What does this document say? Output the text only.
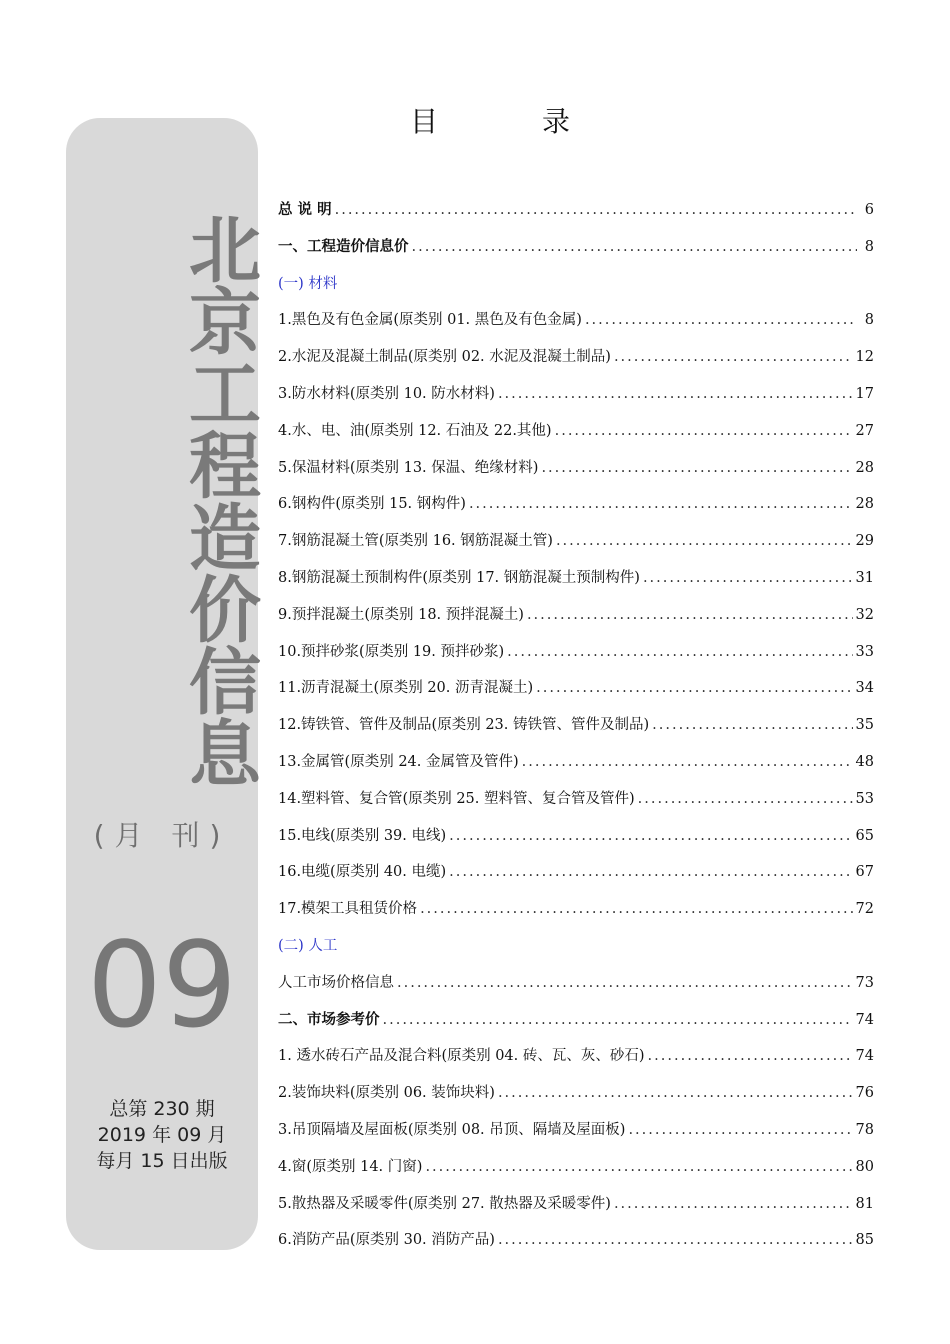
北
京
工
程
造
价
信
息
(月 刊)
09
总第 230 期
2019 年 09 月
每月 15 日出版
目	录
总 说 明 .....	6
一、工程造价信息价 .....	8
(一) 材料
1.黑色及有色金属(原类别 01. 黑色及有色金属) .....	8
2.水泥及混凝土制品(原类别 02. 水泥及混凝土制品) .....	12
3.防水材料(原类别 10. 防水材料) .....	17
4.水、电、油(原类别 12. 石油及 22.其他) .....	27
5.保温材料(原类别 13. 保温、绝缘材料) .....	28
6.钢构件(原类别 15. 钢构件) .....	28
7.钢筋混凝土管(原类别 16. 钢筋混凝土管) .....	29
8.钢筋混凝土预制构件(原类别 17. 钢筋混凝土预制构件) .....	31
9.预拌混凝土(原类别 18. 预拌混凝土) .....	32
10.预拌砂浆(原类别 19. 预拌砂浆) .....	33
11.沥青混凝土(原类别 20. 沥青混凝土) .....	34
12.铸铁管、管件及制品(原类别 23. 铸铁管、管件及制品) .....	35
13.金属管(原类别 24. 金属管及管件) .....	48
14.塑料管、复合管(原类别 25. 塑料管、复合管及管件) .....	53
15.电线(原类别 39. 电线) .....	65
16.电缆(原类别 40. 电缆) .....	67
17.模架工具租赁价格 .....	72
(二) 人工
人工市场价格信息 .....	73
二、市场参考价 .....	74
1. 透水砖石产品及混合料(原类别 04. 砖、瓦、灰、砂石) .....	74
2.装饰块料(原类别 06. 装饰块料) .....	76
3.吊顶隔墙及屋面板(原类别 08. 吊顶、隔墙及屋面板) .....	78
4.窗(原类别 14. 门窗) .....	80
5.散热器及采暖零件(原类别 27. 散热器及采暖零件) .....	81
6.消防产品(原类别 30. 消防产品) .....	85
